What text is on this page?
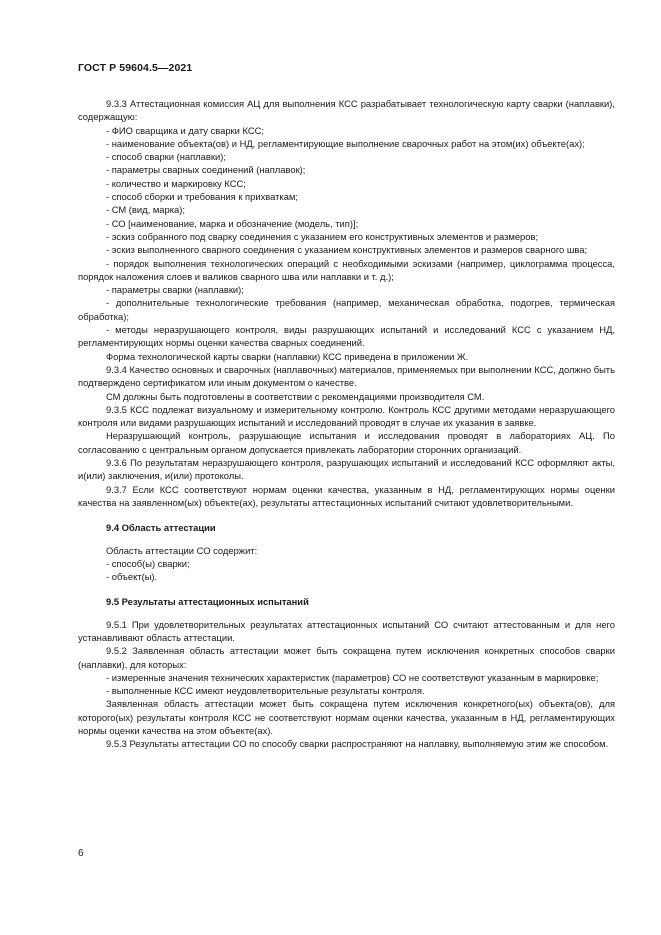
ГОСТ Р 59604.5—2021

9.3.3 Аттестационная комиссия АЦ для выполнения КСС разрабатывает технологическую карту сварки (наплавки), содержащую:

- ФИО сварщика и дату сварки КСС;

- наименование объекта(ов) и НД, регламентирующие выполнение сварочных работ на этом(их) объекте(ах);

- способ сварки (наплавки);

- параметры сварных соединений (наплавок);

- количество и маркировку КСС;

- способ сборки и требования к прихваткам;

- СМ (вид, марка);

- СО [наименование, марка и обозначение (модель, тип)];

- эскиз собранного под сварку соединения с указанием его конструктивных элементов и размеров;

- эскиз выполненного сварного соединения с указанием конструктивных элементов и размеров сварного шва;

- порядок выполнения технологических операций с необходимыми эскизами (например, циклограмма процесса, порядок наложения слоев и валиков сварного шва или наплавки и т. д.);

- параметры сварки (наплавки);

- дополнительные технологические требования (например, механическая обработка, подогрев, термическая обработка);

- методы неразрушающего контроля, виды разрушающих испытаний и исследований КСС с указанием НД, регламентирующих нормы оценки качества сварных соединений.

Форма технологической карты сварки (наплавки) КСС приведена в приложении Ж.

9.3.4 Качество основных и сварочных (наплавочных) материалов, применяемых при выполнении КСС, должно быть подтверждено сертификатом или иным документом о качестве.

СМ должны быть подготовлены в соответствии с рекомендациями производителя СМ.

9.3.5 КСС подлежат визуальному и измерительному контролю. Контроль КСС другими методами неразрушающего контроля или видами разрушающих испытаний и исследований проводят в случае их указания в заявке.

Неразрушающий контроль, разрушающие испытания и исследования проводят в лабораториях АЦ. По согласованию с центральным органом допускается привлекать лаборатории сторонних организаций.

9.3.6 По результатам неразрушающего контроля, разрушающих испытаний и исследований КСС оформляют акты, и(или) заключения, и(или) протоколы.

9.3.7 Если КСС соответствуют нормам оценки качества, указанным в НД, регламентирующих нормы оценки качества на заявленном(ых) объекте(ах), результаты аттестационных испытаний считают удовлетворительными.

9.4 Область аттестации

Область аттестации СО содержит:

- способ(ы) сварки;

- объект(ы).

9.5 Результаты аттестационных испытаний

9.5.1 При удовлетворительных результатах аттестационных испытаний СО считают аттестованным и для него устанавливают область аттестации.

9.5.2 Заявленная область аттестации может быть сокращена путем исключения конкретных способов сварки (наплавки), для которых:

- измеренные значения технических характеристик (параметров) СО не соответствуют указанным в маркировке;

- выполненные КСС имеют неудовлетворительные результаты контроля.

Заявленная область аттестации может быть сокращена путем исключения конкретного(ых) объекта(ов), для которого(ых) результаты контроля КСС не соответствуют нормам оценки качества, указанным в НД, регламентирующих нормы оценки качества на этом объекте(ах).

9.5.3 Результаты аттестации СО по способу сварки распространяют на наплавку, выполняемую этим же способом.

6
